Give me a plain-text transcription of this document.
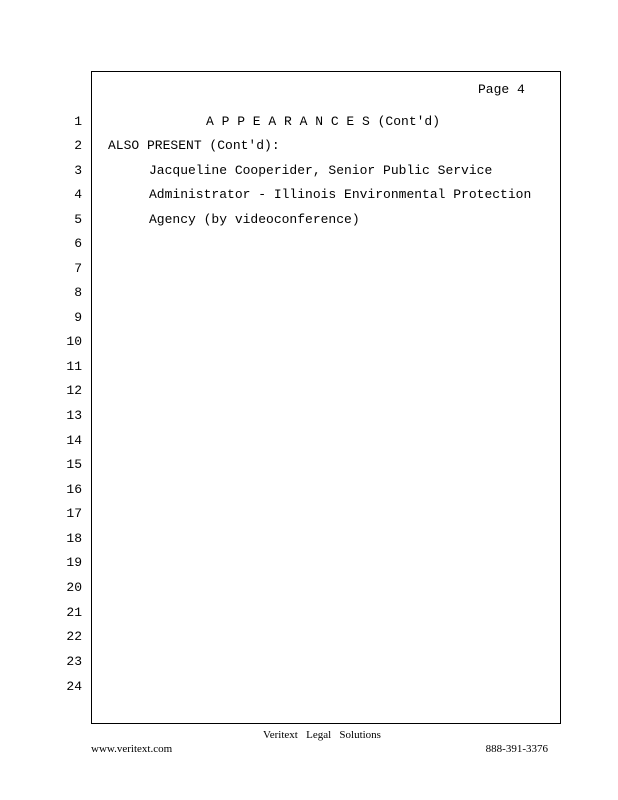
Page 4
1
2
3
4
5
6
7
8
9
10
11
12
13
14
15
16
17
18
19
20
21
22
23
24
A P P E A R A N C E S (Cont'd)
ALSO PRESENT (Cont'd):
Jacqueline Cooperider, Senior Public Service
Administrator - Illinois Environmental Protection
Agency (by videoconference)
Veritext   Legal   Solutions
www.veritext.com	888-391-3376
